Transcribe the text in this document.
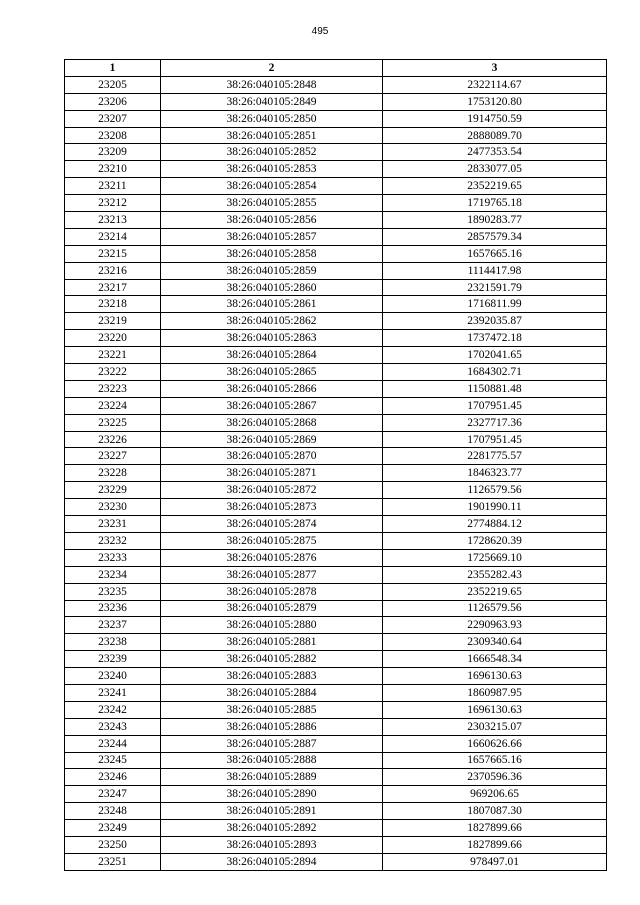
495
1	2	3
23205	38:26:040105:2848	2322114.67
23206	38:26:040105:2849	1753120.80
23207	38:26:040105:2850	1914750.59
23208	38:26:040105:2851	2888089.70
23209	38:26:040105:2852	2477353.54
23210	38:26:040105:2853	2833077.05
23211	38:26:040105:2854	2352219.65
23212	38:26:040105:2855	1719765.18
23213	38:26:040105:2856	1890283.77
23214	38:26:040105:2857	2857579.34
23215	38:26:040105:2858	1657665.16
23216	38:26:040105:2859	1114417.98
23217	38:26:040105:2860	2321591.79
23218	38:26:040105:2861	1716811.99
23219	38:26:040105:2862	2392035.87
23220	38:26:040105:2863	1737472.18
23221	38:26:040105:2864	1702041.65
23222	38:26:040105:2865	1684302.71
23223	38:26:040105:2866	1150881.48
23224	38:26:040105:2867	1707951.45
23225	38:26:040105:2868	2327717.36
23226	38:26:040105:2869	1707951.45
23227	38:26:040105:2870	2281775.57
23228	38:26:040105:2871	1846323.77
23229	38:26:040105:2872	1126579.56
23230	38:26:040105:2873	1901990.11
23231	38:26:040105:2874	2774884.12
23232	38:26:040105:2875	1728620.39
23233	38:26:040105:2876	1725669.10
23234	38:26:040105:2877	2355282.43
23235	38:26:040105:2878	2352219.65
23236	38:26:040105:2879	1126579.56
23237	38:26:040105:2880	2290963.93
23238	38:26:040105:2881	2309340.64
23239	38:26:040105:2882	1666548.34
23240	38:26:040105:2883	1696130.63
23241	38:26:040105:2884	1860987.95
23242	38:26:040105:2885	1696130.63
23243	38:26:040105:2886	2303215.07
23244	38:26:040105:2887	1660626.66
23245	38:26:040105:2888	1657665.16
23246	38:26:040105:2889	2370596.36
23247	38:26:040105:2890	969206.65
23248	38:26:040105:2891	1807087.30
23249	38:26:040105:2892	1827899.66
23250	38:26:040105:2893	1827899.66
23251	38:26:040105:2894	978497.01
